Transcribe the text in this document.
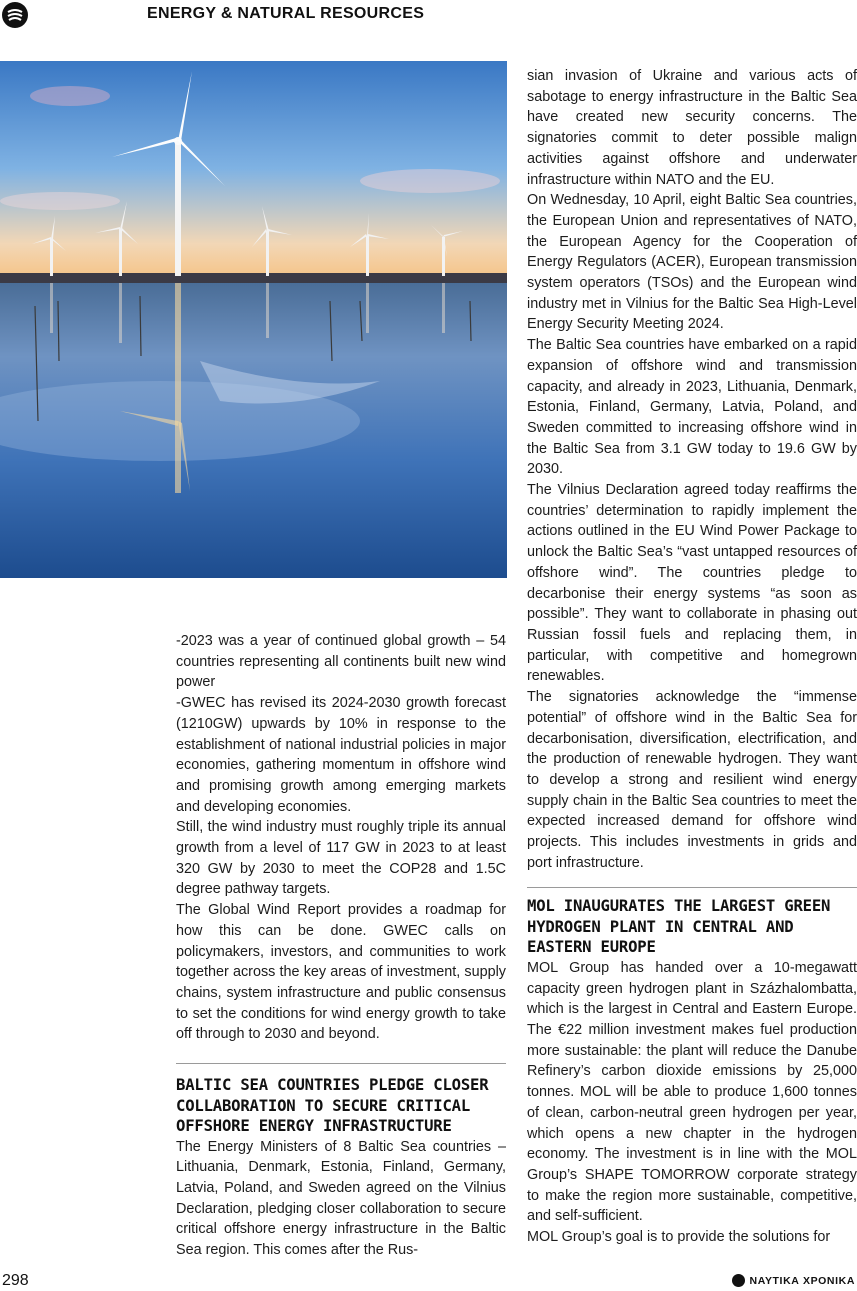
ENERGY & NATURAL RESOURCES

-2023 was a year of continued global growth – 54 countries representing all continents built new wind power

-GWEC has revised its 2024-2030 growth forecast (1210GW) upwards by 10% in response to the establishment of national industrial policies in major economies, gathering momentum in offshore wind and promising growth among emerging markets and developing economies.

Still, the wind industry must roughly triple its annual growth from a level of 117 GW in 2023 to at least 320 GW by 2030 to meet the COP28 and 1.5C degree pathway targets.

The Global Wind Report provides a roadmap for how this can be done. GWEC calls on policymakers, investors, and communities to work together across the key areas of investment, supply chains, system infrastructure and public consensus to set the conditions for wind energy growth to take off through to 2030 and beyond.

BALTIC SEA COUNTRIES PLEDGE CLOSER COLLABORATION TO SECURE CRITICAL OFFSHORE ENERGY INFRASTRUCTURE

The Energy Ministers of 8 Baltic Sea countries – Lithuania, Denmark, Estonia, Finland, Germany, Latvia, Poland, and Sweden agreed on the Vilnius Declaration, pledging closer collaboration to secure critical offshore energy infrastructure in the Baltic Sea region. This comes after the Rus-

sian invasion of Ukraine and various acts of sabotage to energy infrastructure in the Baltic Sea have created new security concerns. The signatories commit to deter possible malign activities against offshore and underwater infrastructure within NATO and the EU.

On Wednesday, 10 April, eight Baltic Sea countries, the European Union and representatives of NATO, the European Agency for the Cooperation of Energy Regulators (ACER), European transmission system operators (TSOs) and the European wind industry met in Vilnius for the Baltic Sea High-Level Energy Security Meeting 2024.

The Baltic Sea countries have embarked on a rapid expansion of offshore wind and transmission capacity, and already in 2023, Lithuania, Denmark, Estonia, Finland, Germany, Latvia, Poland, and Sweden committed to increasing offshore wind in the Baltic Sea from 3.1 GW today to 19.6 GW by 2030.

The Vilnius Declaration agreed today reaffirms the countries’ determination to rapidly implement the actions outlined in the EU Wind Power Package to unlock the Baltic Sea’s “vast untapped resources of offshore wind”. The countries pledge to decarbonise their energy systems “as soon as possible”. They want to collaborate in phasing out Russian fossil fuels and replacing them, in particular, with competitive and homegrown renewables.

The signatories acknowledge the “immense potential” of offshore wind in the Baltic Sea for decarbonisation, diversification, electrification, and the production of renewable hydrogen. They want to develop a strong and resilient wind energy supply chain in the Baltic Sea countries to meet the expected increased demand for offshore wind projects. This includes investments in grids and port infrastructure.

MOL INAUGURATES THE LARGEST GREEN HYDROGEN PLANT IN CENTRAL AND EASTERN EUROPE

MOL Group has handed over a 10-megawatt capacity green hydrogen plant in Százhalombatta, which is the largest in Central and Eastern Europe. The €22 million investment makes fuel production more sustainable: the plant will reduce the Danube Refinery’s carbon dioxide emissions by 25,000 tonnes. MOL will be able to produce 1,600 tonnes of clean, carbon-neutral green hydrogen per year, which opens a new chapter in the hydrogen economy. The investment is in line with the MOL Group’s SHAPE TOMORROW corporate strategy to make the region more sustainable, competitive, and self-sufficient.

MOL Group’s goal is to provide the solutions for

298	ΝΑΥΤΙΚΑ ΧΡΟΝΙΚΑ
